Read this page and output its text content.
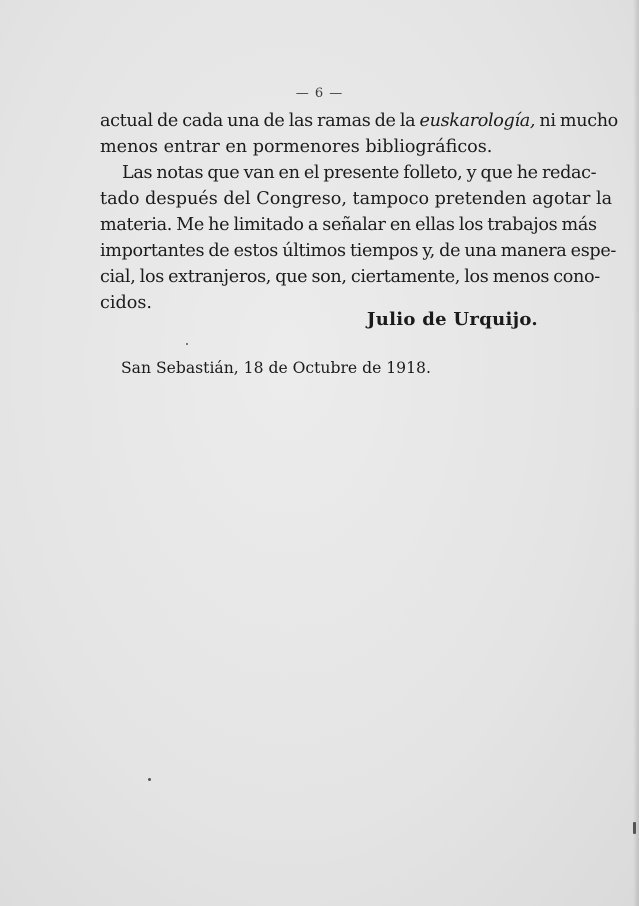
— 6 —

actual de cada una de las ramas de la euskarología, ni mucho
menos entrar en pormenores bibliográficos.

Las notas que van en el presente folleto, y que he redac-
tado después del Congreso, tampoco pretenden agotar la
materia. Me he limitado a señalar en ellas los trabajos más
importantes de estos últimos tiempos y, de una manera espe-
cial, los extranjeros, que son, ciertamente, los menos cono-
cidos.

Julio de Urquijo.
San Sebastián, 18 de Octubre de 1918.
